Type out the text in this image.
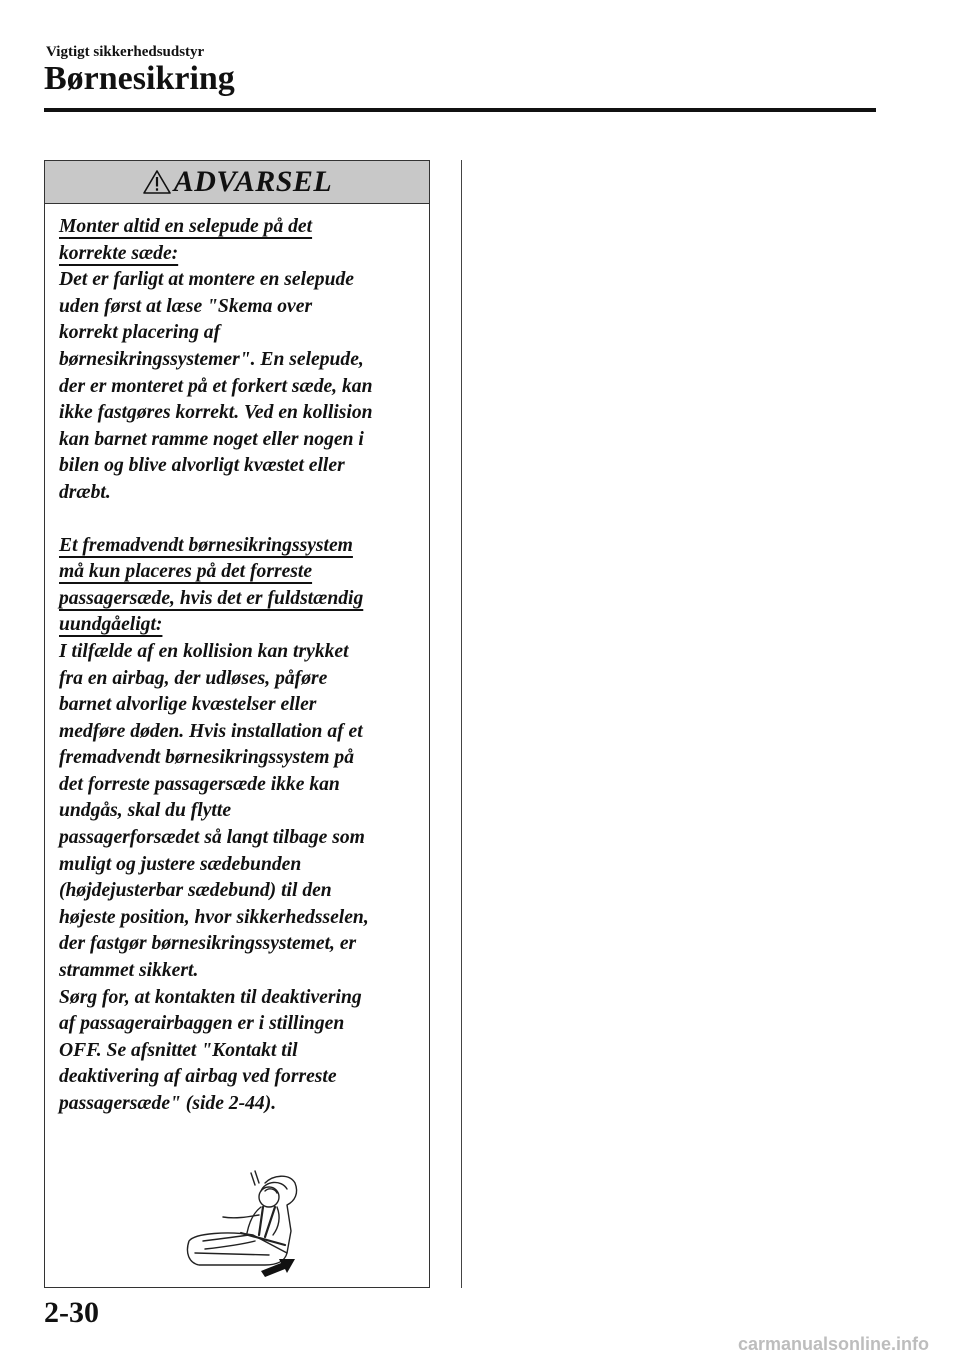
Vigtigt sikkerhedsudstyr
Børnesikring
ADVARSEL

Monter altid en selepude på det
korrekte sæde:

Det er farligt at montere en selepude
uden først at læse "Skema over
korrekt placering af
børnesikringssystemer". En selepude,
der er monteret på et forkert sæde, kan
ikke fastgøres korrekt. Ved en kollision
kan barnet ramme noget eller nogen i
bilen og blive alvorligt kvæstet eller
dræbt.

Et fremadvendt børnesikringssystem
må kun placeres på det forreste
passagersæde, hvis det er fuldstændig
uundgåeligt:

I tilfælde af en kollision kan trykket
fra en airbag, der udløses, påføre
barnet alvorlige kvæstelser eller
medføre døden. Hvis installation af et
fremadvendt børnesikringssystem på
det forreste passagersæde ikke kan
undgås, skal du flytte
passagerforsædet så langt tilbage som
muligt og justere sædebunden
(højdejusterbar sædebund) til den
højeste position, hvor sikkerhedsselen,
der fastgør børnesikringssystemet, er
strammet sikkert.
Sørg for, at kontakten til deaktivering
af passagerairbaggen er i stillingen
OFF. Se afsnittet "Kontakt til
deaktivering af airbag ved forreste
passagersæde" (side 2-44).

2-30
carmanualsonline.info
